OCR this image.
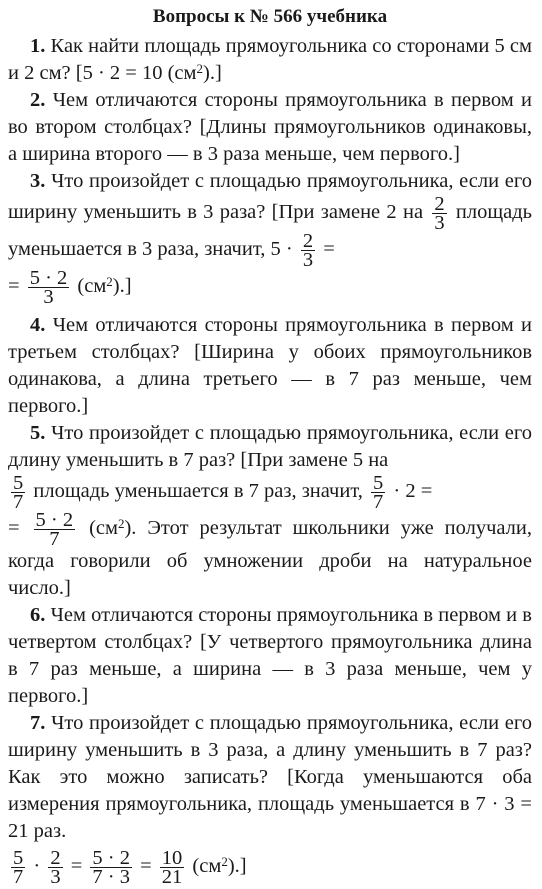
Вопросы к № 566 учебника

1. Как найти площадь прямоугольника со сторонами 5 см и 2 см? [5 · 2 = 10 $(см^2)$.]

2. Чем отличаются стороны прямоугольника в первом и во втором столбцах? [Длины прямоугольников одинаковы, а ширина второго — в 3 раза меньше, чем первого.]

3. Что произойдет с площадью прямоугольника, если его ширину уменьшить в 3 раза? [При замене 2 на $\frac{2}{3}$ площадь уменьшается в 3 раза, значит, $5 \cdot \frac{2}{3}$ =
= $\frac{5 \cdot 2}{3} (см^2)$.]

4. Чем отличаются стороны прямоугольника в первом и третьем столбцах? [Ширина у обоих прямоугольников одинакова, а длина третьего — в 7 раз меньше, чем первого.]

5. Что произойдет с площадью прямоугольника, если его длину уменьшить в 7 раз? [При замене 5 на

$\frac{5}{7}$ площадь уменьшается в 7 раз, значит, $\frac{5}{7} \cdot 2$ =
= $\frac{5 \cdot 2}{7} (см^2)$. Этот результат школьники уже получали, когда говорили об умножении дроби на натуральное число.]

6. Чем отличаются стороны прямоугольника в первом и в четвертом столбцах? [У четвертого прямоугольника длина в 7 раз меньше, а ширина — в 3 раза меньше, чем у первого.]

7. Что произойдет с площадью прямоугольника, если его ширину уменьшить в 3 раза, а длину уменьшить в 7 раз? Как это можно записать? [Когда уменьшаются оба измерения прямоугольника, площадь уменьшается в 7 · 3 = 21 раз.

$\frac{5}{7} \cdot \frac{2}{3} = \frac{5 \cdot 2}{7 \cdot 3} = \frac{10}{21} (см^2)$.]
